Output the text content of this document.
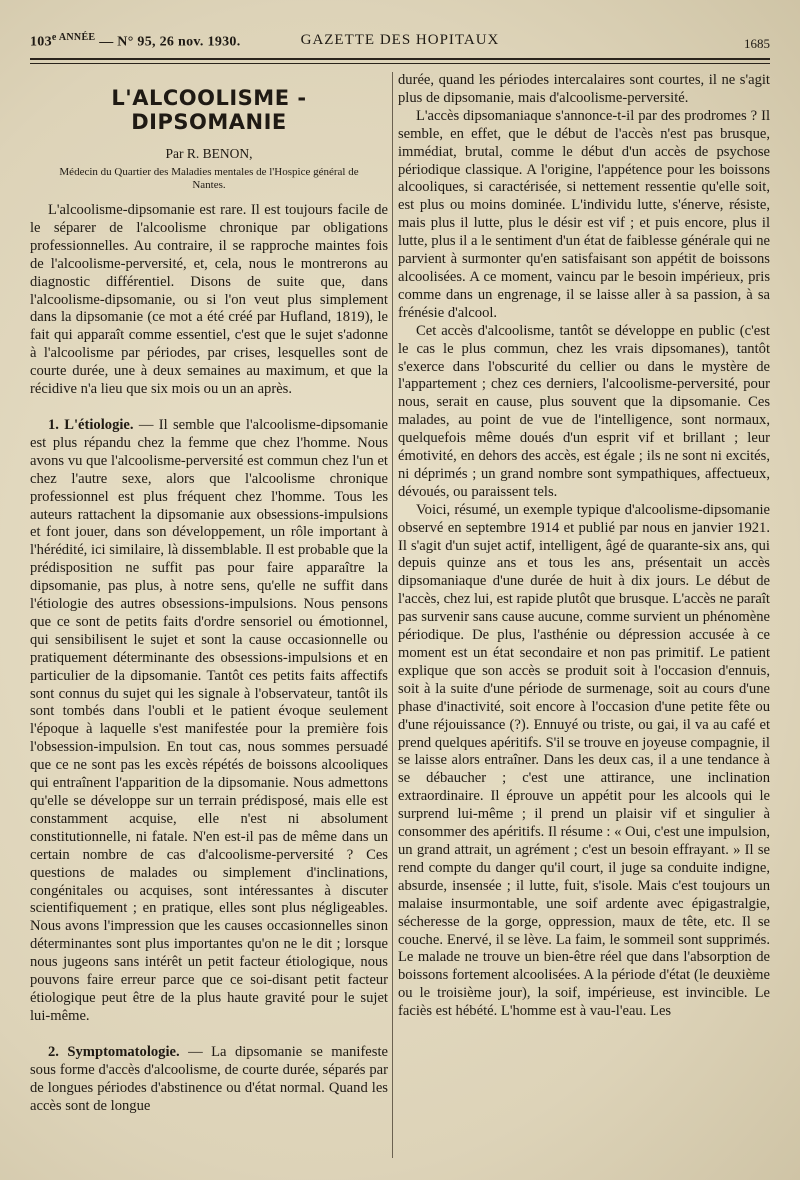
$103^{e ANNÉE}$ — N° 95, 26 nov. 1930.	GAZETTE DES HOPITAUX	1685
L'ALCOOLISME - DIPSOMANIE
Par R. BENON,
Médecin du Quartier des Maladies mentales de l'Hospice général de Nantes.

L'alcoolisme-dipsomanie est rare. Il est toujours facile de le séparer de l'alcoolisme chronique par obligations professionnelles. Au contraire, il se rapproche maintes fois de l'alcoolisme-perversité, et, cela, nous le montrerons au diagnostic différentiel. Disons de suite que, dans l'alcoolisme-dipsomanie, ou si l'on veut plus simplement dans la dipsomanie (ce mot a été créé par Hufland, 1819), le fait qui apparaît comme essentiel, c'est que le sujet s'adonne à l'alcoolisme par périodes, par crises, lesquelles sont de courte durée, une à deux semaines au maximum, et que la récidive n'a lieu que six mois ou un an après.

1. L'étiologie. — Il semble que l'alcoolisme-dipsomanie est plus répandu chez la femme que chez l'homme. Nous avons vu que l'alcoolisme-perversité est commun chez l'un et chez l'autre sexe, alors que l'alcoolisme chronique professionnel est plus fréquent chez l'homme. Tous les auteurs rattachent la dipsomanie aux obsessions-impulsions et font jouer, dans son développement, un rôle important à l'hérédité, ici similaire, là dissemblable. Il est probable que la prédisposition ne suffit pas pour faire apparaître la dipsomanie, pas plus, à notre sens, qu'elle ne suffit dans l'étiologie des autres obsessions-impulsions. Nous pensons que ce sont de petits faits d'ordre sensoriel ou émotionnel, qui sensibilisent le sujet et sont la cause occasionnelle ou pratiquement déterminante des obsessions-impulsions et en particulier de la dipsomanie. Tantôt ces petits faits affectifs sont connus du sujet qui les signale à l'observateur, tantôt ils sont tombés dans l'oubli et le patient évoque seulement l'époque à laquelle s'est manifestée pour la première fois l'obsession-impulsion. En tout cas, nous sommes persuadé que ce ne sont pas les excès répétés de boissons alcooliques qui entraînent l'apparition de la dipsomanie. Nous admettons qu'elle se développe sur un terrain prédisposé, mais elle est constamment acquise, elle n'est ni absolument constitutionnelle, ni fatale. N'en est-il pas de même dans un certain nombre de cas d'alcoolisme-perversité ? Ces questions de malades ou simplement d'inclinations, congénitales ou acquises, sont intéressantes à discuter scientifiquement ; en pratique, elles sont plus négligeables. Nous avons l'impression que les causes occasionnelles sinon déterminantes sont plus importantes qu'on ne le dit ; lorsque nous jugeons sans intérêt un petit facteur étiologique, nous pouvons faire erreur parce que ce soi-disant petit facteur étiologique peut être de la plus haute gravité pour le sujet lui-même.

2. Symptomatologie. — La dipsomanie se manifeste sous forme d'accès d'alcoolisme, de courte durée, séparés par de longues périodes d'abstinence ou d'état normal. Quand les accès sont de longue

durée, quand les périodes intercalaires sont courtes, il ne s'agit plus de dipsomanie, mais d'alcoolisme-perversité.

L'accès dipsomaniaque s'annonce-t-il par des prodromes ? Il semble, en effet, que le début de l'accès n'est pas brusque, immédiat, brutal, comme le début d'un accès de psychose périodique classique. A l'origine, l'appétence pour les boissons alcooliques, si caractérisée, si nettement ressentie qu'elle soit, est plus ou moins dominée. L'individu lutte, s'énerve, résiste, mais plus il lutte, plus le désir est vif ; et puis encore, plus il lutte, plus il a le sentiment d'un état de faiblesse générale qui ne parvient à surmonter qu'en satisfaisant son appétit de boissons alcoolisées. A ce moment, vaincu par le besoin impérieux, pris comme dans un engrenage, il se laisse aller à sa passion, à sa frénésie d'alcool.

Cet accès d'alcoolisme, tantôt se développe en public (c'est le cas le plus commun, chez les vrais dipsomanes), tantôt s'exerce dans l'obscurité du cellier ou dans le mystère de l'appartement ; chez ces derniers, l'alcoolisme-perversité, pour nous, serait en cause, plus souvent que la dipsomanie. Ces malades, au point de vue de l'intelligence, sont normaux, quelquefois même doués d'un esprit vif et brillant ; leur émotivité, en dehors des accès, est égale ; ils ne sont ni excités, ni déprimés ; un grand nombre sont sympathiques, affectueux, dévoués, ou paraissent tels.

Voici, résumé, un exemple typique d'alcoolisme-dipsomanie observé en septembre 1914 et publié par nous en janvier 1921. Il s'agit d'un sujet actif, intelligent, âgé de quarante-six ans, qui depuis quinze ans et tous les ans, présentait un accès dipsomaniaque d'une durée de huit à dix jours. Le début de l'accès, chez lui, est rapide plutôt que brusque. L'accès ne paraît pas survenir sans cause aucune, comme survient un phénomène périodique. De plus, l'asthénie ou dépression accusée à ce moment est un état secondaire et non pas primitif. Le patient explique que son accès se produit soit à l'occasion d'ennuis, soit à la suite d'une période de surmenage, soit au cours d'une phase d'inactivité, soit encore à l'occasion d'une petite fête ou d'une réjouissance (?). Ennuyé ou triste, ou gai, il va au café et prend quelques apéritifs. S'il se trouve en joyeuse compagnie, il se laisse alors entraîner. Dans les deux cas, il a une tendance à se débaucher ; c'est une attirance, une inclination extraordinaire. Il éprouve un appétit pour les alcools qui le surprend lui-même ; il prend un plaisir vif et singulier à consommer des apéritifs. Il résume : « Oui, c'est une impulsion, un grand attrait, un agrément ; c'est un besoin effrayant. » Il se rend compte du danger qu'il court, il juge sa conduite indigne, absurde, insensée ; il lutte, fuit, s'isole. Mais c'est toujours un malaise insurmontable, une soif ardente avec épigastralgie, sécheresse de la gorge, oppression, maux de tête, etc. Il se couche. Enervé, il se lève. La faim, le sommeil sont supprimés. Le malade ne trouve un bien-être réel que dans l'absorption de boissons fortement alcoolisées. A la période d'état (le deuxième ou le troisième jour), la soif, impérieuse, est invincible. Le faciès est hébété. L'homme est à vau-l'eau. Les
